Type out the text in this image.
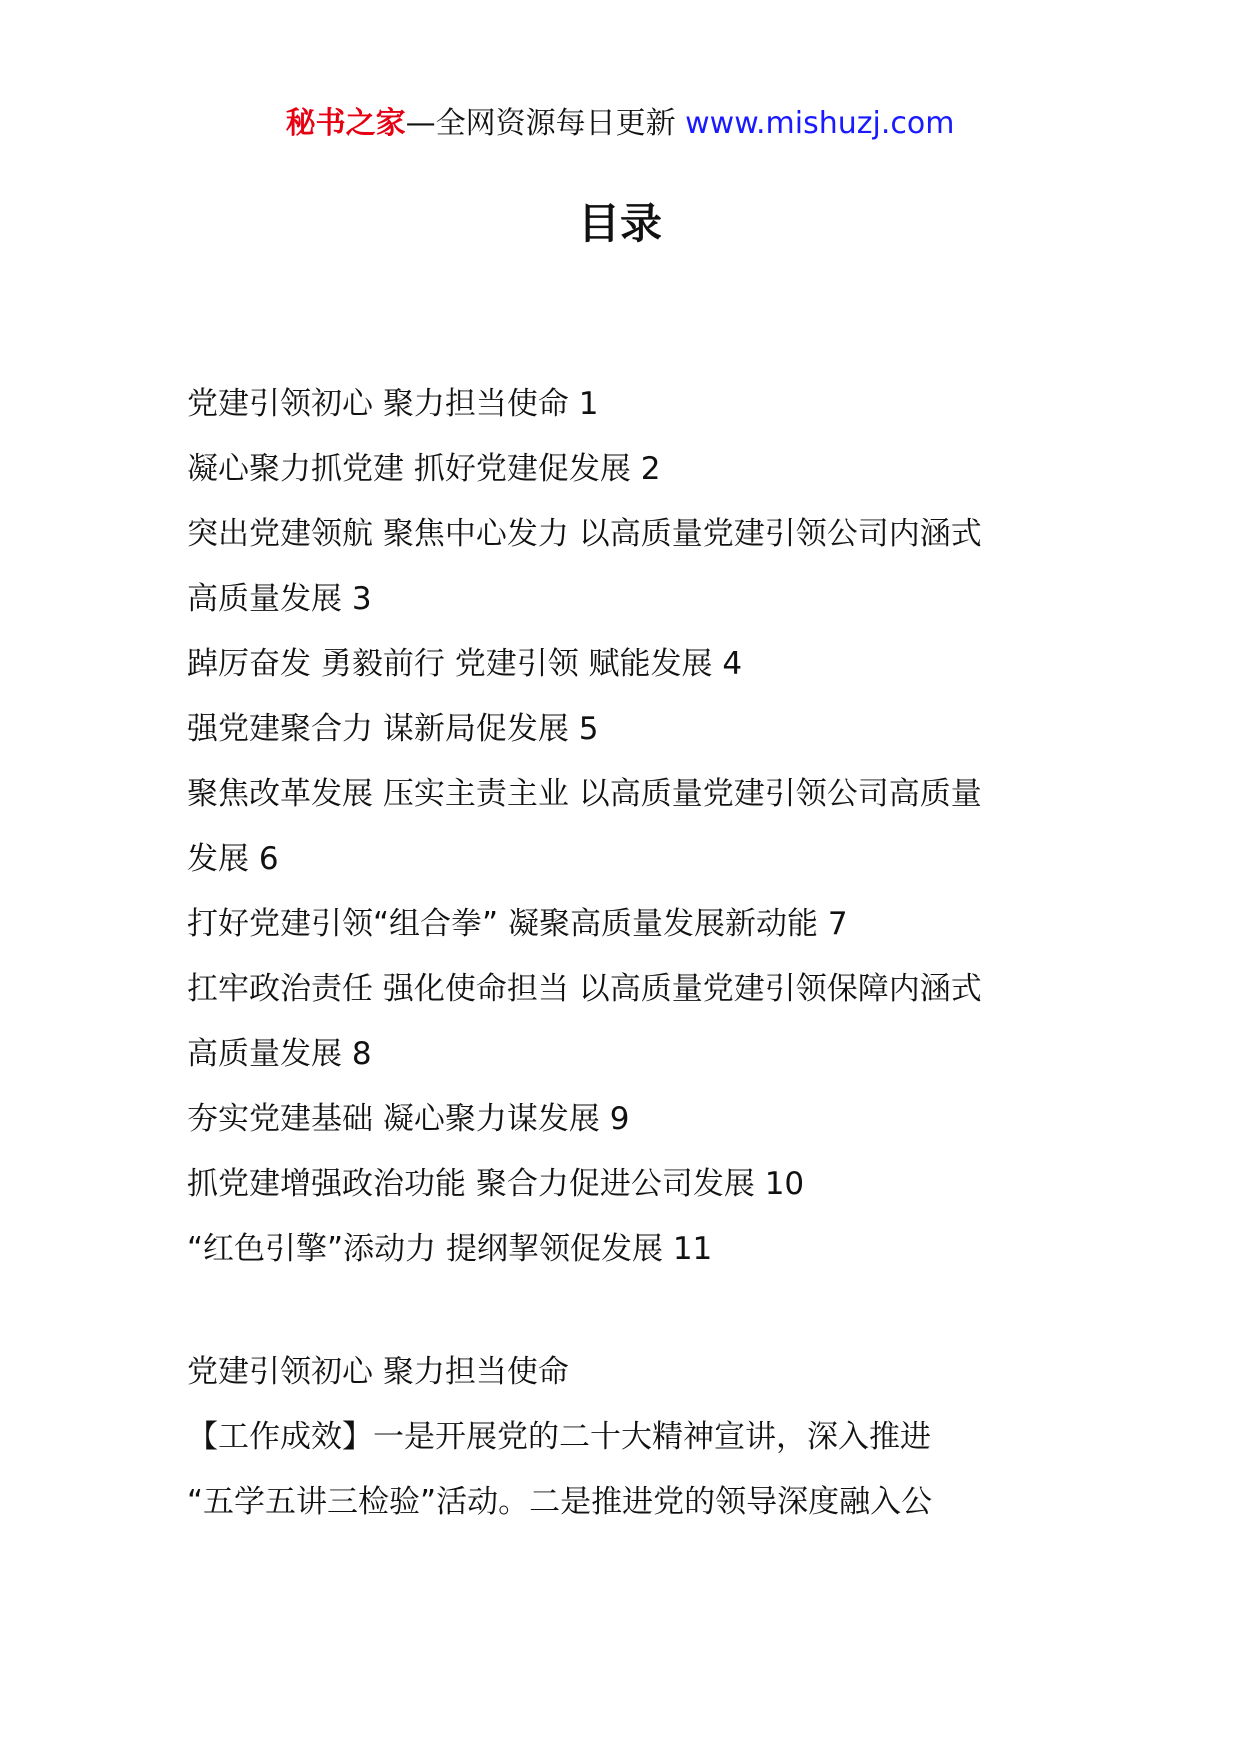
秘书之家—全网资源每日更新 www.mishuzj.com
目录
党建引领初心 聚力担当使命 1
凝心聚力抓党建 抓好党建促发展 2
突出党建领航 聚焦中心发力 以高质量党建引领公司内涵式
高质量发展 3
踔厉奋发 勇毅前行 党建引领 赋能发展 4
强党建聚合力 谋新局促发展 5
聚焦改革发展 压实主责主业 以高质量党建引领公司高质量
发展 6
打好党建引领“组合拳” 凝聚高质量发展新动能 7
扛牢政治责任 强化使命担当 以高质量党建引领保障内涵式
高质量发展 8
夯实党建基础 凝心聚力谋发展 9
抓党建增强政治功能 聚合力促进公司发展 10
“红色引擎”添动力 提纲挈领促发展 11
党建引领初心 聚力担当使命
【工作成效】一是开展党的二十大精神宣讲，深入推进
“五学五讲三检验”活动。二是推进党的领导深度融入公
